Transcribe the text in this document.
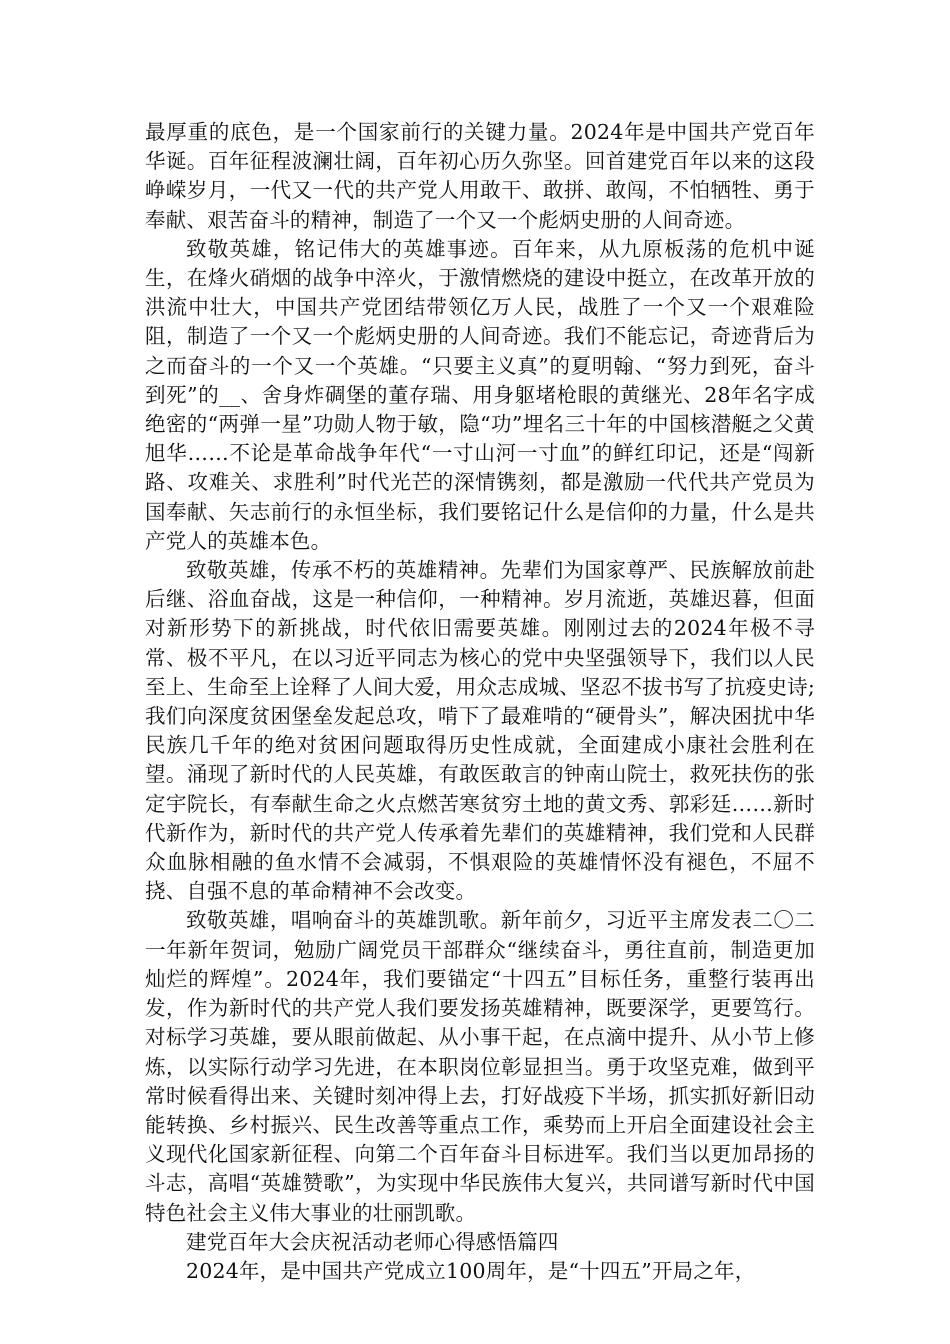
最厚重的底色，是一个国家前行的关键力量。2024年是中国共产党百年华诞。百年征程波澜壮阔，百年初心历久弥坚。回首建党百年以来的这段峥嵘岁月，一代又一代的共产党人用敢干、敢拼、敢闯，不怕牺牲、勇于奉献、艰苦奋斗的精神，制造了一个又一个彪炳史册的人间奇迹。

致敬英雄，铭记伟大的英雄事迹。百年来，从九原板荡的危机中诞生，在烽火硝烟的战争中淬火，于激情燃烧的建设中挺立，在改革开放的洪流中壮大，中国共产党团结带领亿万人民，战胜了一个又一个艰难险阻，制造了一个又一个彪炳史册的人间奇迹。我们不能忘记，奇迹背后为之而奋斗的一个又一个英雄。“只要主义真”的夏明翰、“努力到死，奋斗到死”的__、舍身炸碉堡的董存瑞、用身躯堵枪眼的黄继光、28年名字成绝密的“两弹一星”功勋人物于敏，隐“功”埋名三十年的中国核潜艇之父黄旭华……不论是革命战争年代“一寸山河一寸血”的鲜红印记，还是“闯新路、攻难关、求胜利”时代光芒的深情镌刻，都是激励一代代共产党员为国奉献、矢志前行的永恒坐标，我们要铭记什么是信仰的力量，什么是共产党人的英雄本色。

致敬英雄，传承不朽的英雄精神。先辈们为国家尊严、民族解放前赴后继、浴血奋战，这是一种信仰，一种精神。岁月流逝，英雄迟暮，但面对新形势下的新挑战，时代依旧需要英雄。刚刚过去的2024年极不寻常、极不平凡，在以习近平同志为核心的党中央坚强领导下，我们以人民至上、生命至上诠释了人间大爱，用众志成城、坚忍不拔书写了抗疫史诗;我们向深度贫困堡垒发起总攻，啃下了最难啃的“硬骨头”，解决困扰中华民族几千年的绝对贫困问题取得历史性成就，全面建成小康社会胜利在望。涌现了新时代的人民英雄，有敢医敢言的钟南山院士，救死扶伤的张定宇院长，有奉献生命之火点燃苦寒贫穷土地的黄文秀、郭彩廷……新时代新作为，新时代的共产党人传承着先辈们的英雄精神，我们党和人民群众血脉相融的鱼水情不会减弱，不惧艰险的英雄情怀没有褪色，不屈不挠、自强不息的革命精神不会改变。

致敬英雄，唱响奋斗的英雄凯歌。新年前夕，习近平主席发表二〇二一年新年贺词，勉励广阔党员干部群众“继续奋斗，勇往直前，制造更加灿烂的辉煌”。2024年，我们要锚定“十四五”目标任务，重整行装再出发，作为新时代的共产党人我们要发扬英雄精神，既要深学，更要笃行。对标学习英雄，要从眼前做起、从小事干起，在点滴中提升、从小节上修炼，以实际行动学习先进，在本职岗位彰显担当。勇于攻坚克难，做到平常时候看得出来、关键时刻冲得上去，打好战疫下半场，抓实抓好新旧动能转换、乡村振兴、民生改善等重点工作，乘势而上开启全面建设社会主义现代化国家新征程、向第二个百年奋斗目标进军。我们当以更加昂扬的斗志，高唱“英雄赞歌”，为实现中华民族伟大复兴，共同谱写新时代中国特色社会主义伟大事业的壮丽凯歌。

建党百年大会庆祝活动老师心得感悟篇四

2024年，是中国共产党成立100周年，是“十四五”开局之年，
